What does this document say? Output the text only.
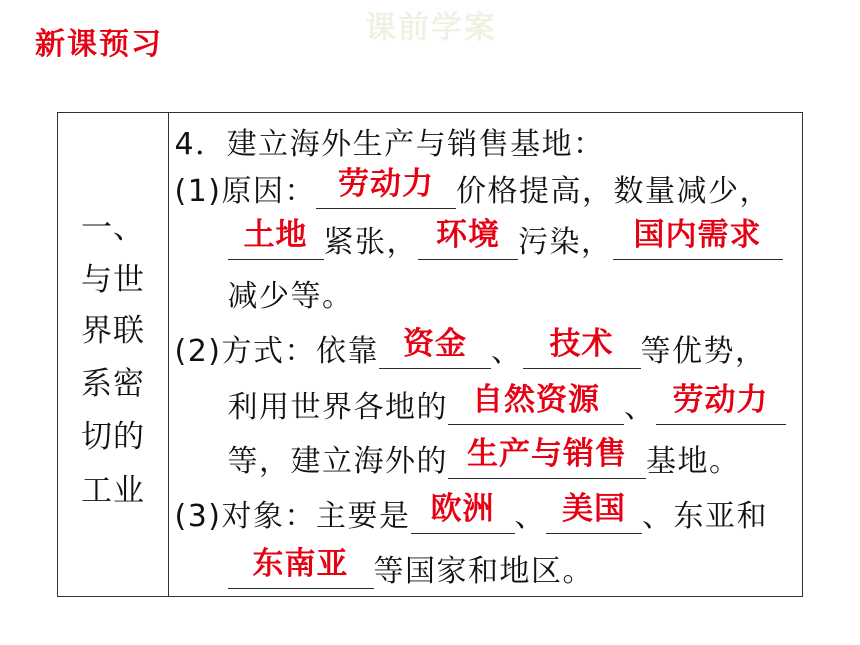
新课预习	课前学案
一、
与世
界联
系密
切的
工业
4．建立海外生产与销售基地：
(1)原因： 劳动力 价格提高，数量减少，
土地 紧张， 环境 污染， 国内需求
减少等。
(2)方式：依靠 资金 、 技术 等优势，
利用世界各地的 自然资源 、 劳动力
等，建立海外的 生产与销售 基地。
(3)对象：主要是 欧洲 、 美国 、东亚和
东南亚 等国家和地区。
